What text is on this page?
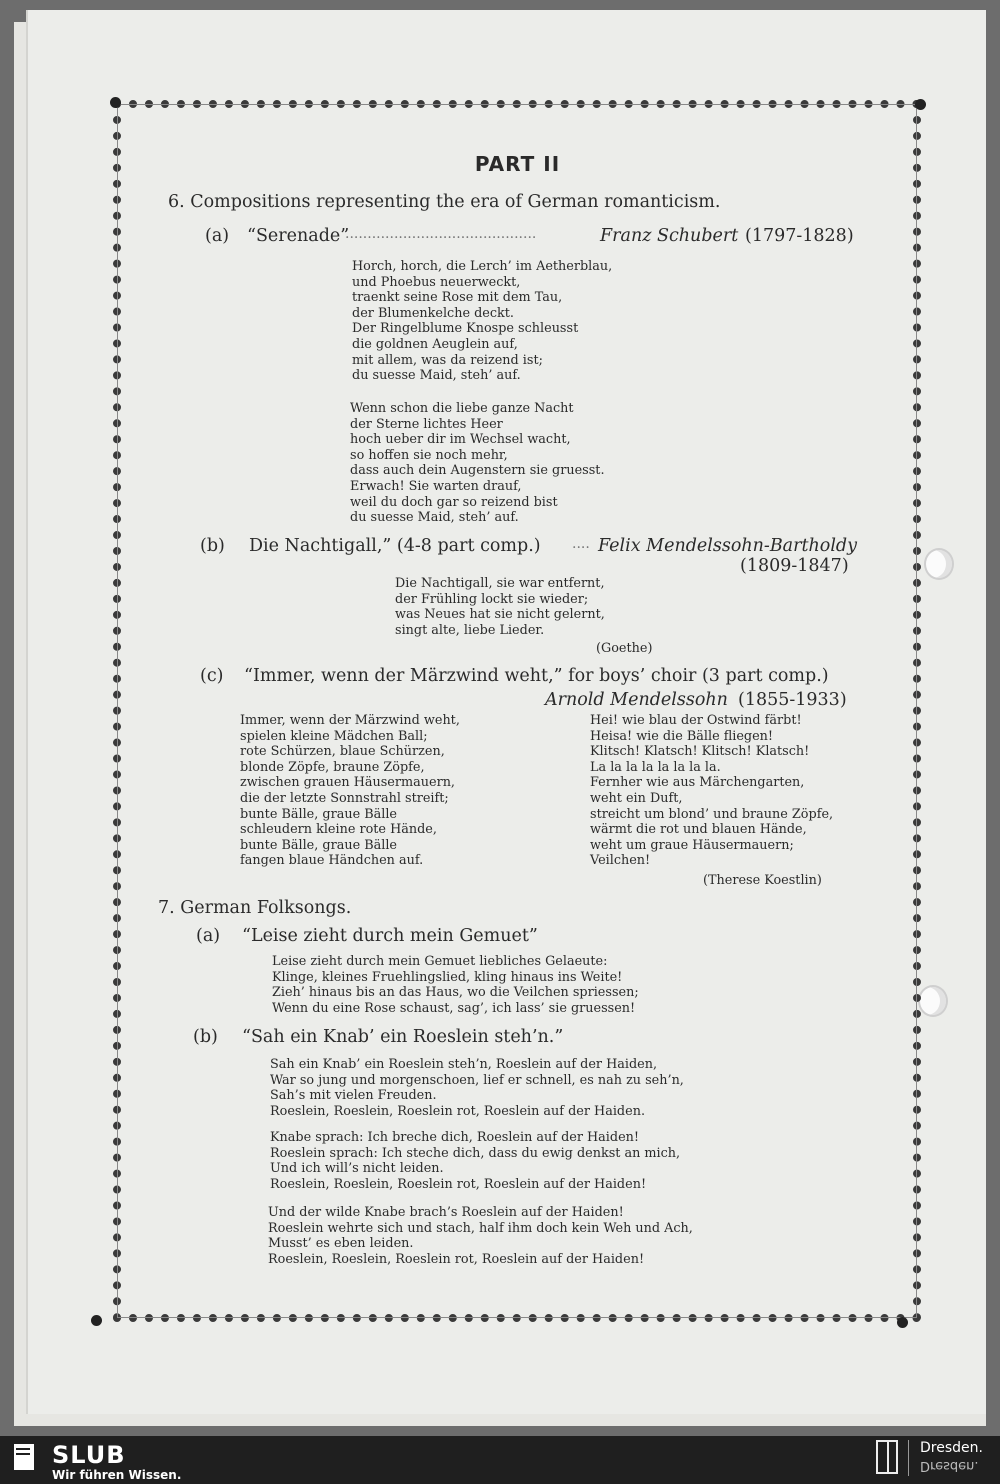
PART II
6. Compositions representing the era of German romanticism.
(a) “Serenade”
...........................................	Franz Schubert (1797-1828)
Horch, horch, die Lerch’ im Aetherblau,
und Phoebus neuerweckt,
traenkt seine Rose mit dem Tau,
der Blumenkelche deckt.
Der Ringelblume Knospe schleusst
die goldnen Aeuglein auf,
mit allem, was da reizend ist;
du suesse Maid, steh’ auf.
Wenn schon die liebe ganze Nacht
der Sterne lichtes Heer
hoch ueber dir im Wechsel wacht,
so hoffen sie noch mehr,
dass auch dein Augenstern sie gruesst.
Erwach! Sie warten drauf,
weil du doch gar so reizend bist
du suesse Maid, steh’ auf.
(b) Die Nachtigall,” (4-8 part comp.) .... Felix Mendelssohn-Bartholdy
(1809-1847)
Die Nachtigall, sie war entfernt,
der Frühling lockt sie wieder;
was Neues hat sie nicht gelernt,
singt alte, liebe Lieder.
(Goethe)
(c) “Immer, wenn der Märzwind weht,” for boys’ choir (3 part comp.)
Arnold Mendelssohn (1855-1933)
Immer, wenn der Märzwind weht,
spielen kleine Mädchen Ball;
rote Schürzen, blaue Schürzen,
blonde Zöpfe, braune Zöpfe,
zwischen grauen Häusermauern,
die der letzte Sonnstrahl streift;
bunte Bälle, graue Bälle
schleudern kleine rote Hände,
bunte Bälle, graue Bälle
fangen blaue Händchen auf.
Hei! wie blau der Ostwind färbt!
Heisa! wie die Bälle fliegen!
Klitsch! Klatsch! Klitsch! Klatsch!
La la la la la la la la.
Fernher wie aus Märchengarten,
weht ein Duft,
streicht um blond’ und braune Zöpfe,
wärmt die rot und blauen Hände,
weht um graue Häusermauern;
Veilchen!
(Therese Koestlin)
7. German Folksongs.
(a) “Leise zieht durch mein Gemuet”
Leise zieht durch mein Gemuet liebliches Gelaeute:
Klinge, kleines Fruehlingslied, kling hinaus ins Weite!
Zieh’ hinaus bis an das Haus, wo die Veilchen spriessen;
Wenn du eine Rose schaust, sag’, ich lass’ sie gruessen!
(b) “Sah ein Knab’ ein Roeslein steh’n.”
Sah ein Knab’ ein Roeslein steh’n, Roeslein auf der Haiden,
War so jung und morgenschoen, lief er schnell, es nah zu seh’n,
Sah’s mit vielen Freuden.
Roeslein, Roeslein, Roeslein rot, Roeslein auf der Haiden.
Knabe sprach: Ich breche dich, Roeslein auf der Haiden!
Roeslein sprach: Ich steche dich, dass du ewig denkst an mich,
Und ich will’s nicht leiden.
Roeslein, Roeslein, Roeslein rot, Roeslein auf der Haiden!
Und der wilde Knabe brach’s Roeslein auf der Haiden!
Roeslein wehrte sich und stach, half ihm doch kein Weh und Ach,
Musst’ es eben leiden.
Roeslein, Roeslein, Roeslein rot, Roeslein auf der Haiden!
SLUB
Wir führen Wissen.
Dresden.
Dresden.
